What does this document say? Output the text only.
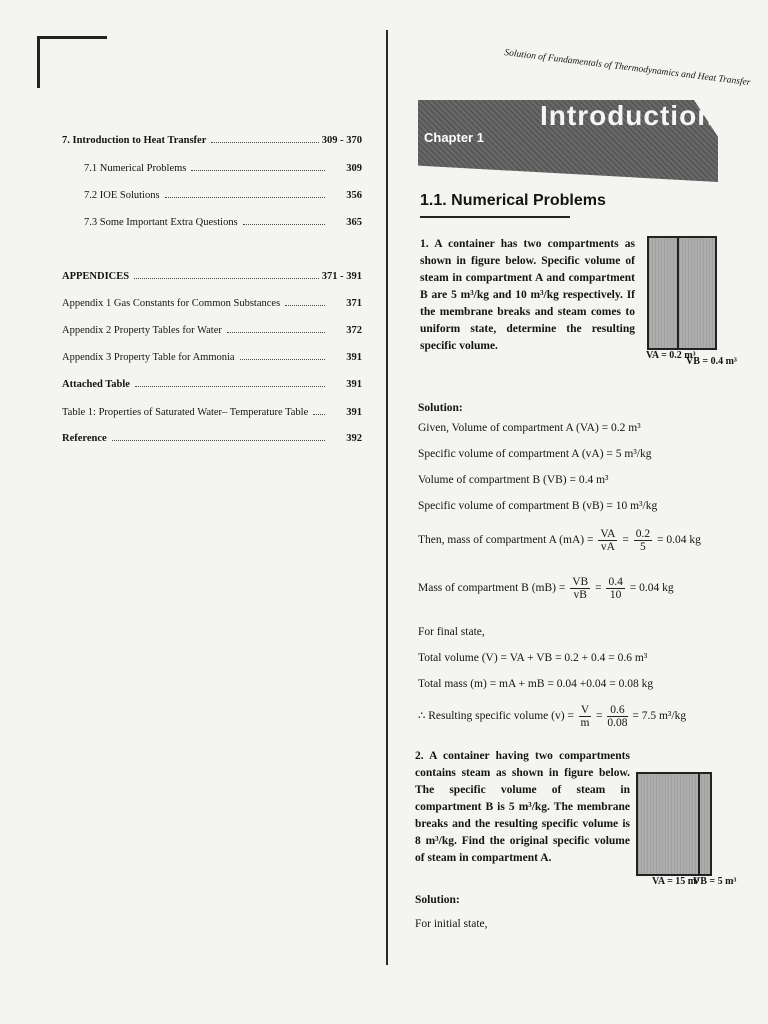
7. Introduction to Heat Transfer	309 - 370
7.1 Numerical Problems	309
7.2 IOE Solutions	356
7.3 Some Important Extra Questions	365
APPENDICES	371 - 391
Appendix 1 Gas Constants for Common Substances	371
Appendix 2 Property Tables for Water	372
Appendix 3 Property Table for Ammonia	391
Attached Table	391
Table 1: Properties of Saturated Water– Temperature Table	391
Reference	392
Solution of Fundamentals of Thermodynamics and Heat Transfer
Chapter 1
Introduction
1.1. Numerical Problems
1. A container has two compartments as shown in figure below. Specific volume of steam in compartment A and compartment B are 5 m³/kg and 10 m³/kg respectively. If the membrane breaks and steam comes to uniform state, determine the resulting specific volume.
VA = 0.2 m³
VB = 0.4 m³
Solution:
Given, Volume of compartment A (VA) = 0.2 m³
Specific volume of compartment A (vA) = 5 m³/kg
Volume of compartment B (VB) = 0.4 m³
Specific volume of compartment B (vB) = 10 m³/kg
Then, mass of compartment A $(mA) = \frac{VA}{vA} = \frac{0.2}{5} = 0.04$ kg
Mass of compartment B $(mB) = \frac{VB}{vB} = \frac{0.4}{10} = 0.04$ kg
For final state,
Total volume (V) = VA + VB = 0.2 + 0.4 = 0.6 m³
Total mass (m) = mA + mB = 0.04 +0.04 = 0.08 kg
∴ Resulting specific volume $(v) = \frac{V}{m} = \frac{0.6}{0.08} = 7.5$ m³/kg
2. A container having two compartments contains steam as shown in figure below. The specific volume of steam in compartment B is 5 m³/kg. The membrane breaks and the resulting specific volume is 8 m³/kg. Find the original specific volume of steam in compartment A.
VA = 15 m³
VB = 5 m³
Solution:
For initial state,
